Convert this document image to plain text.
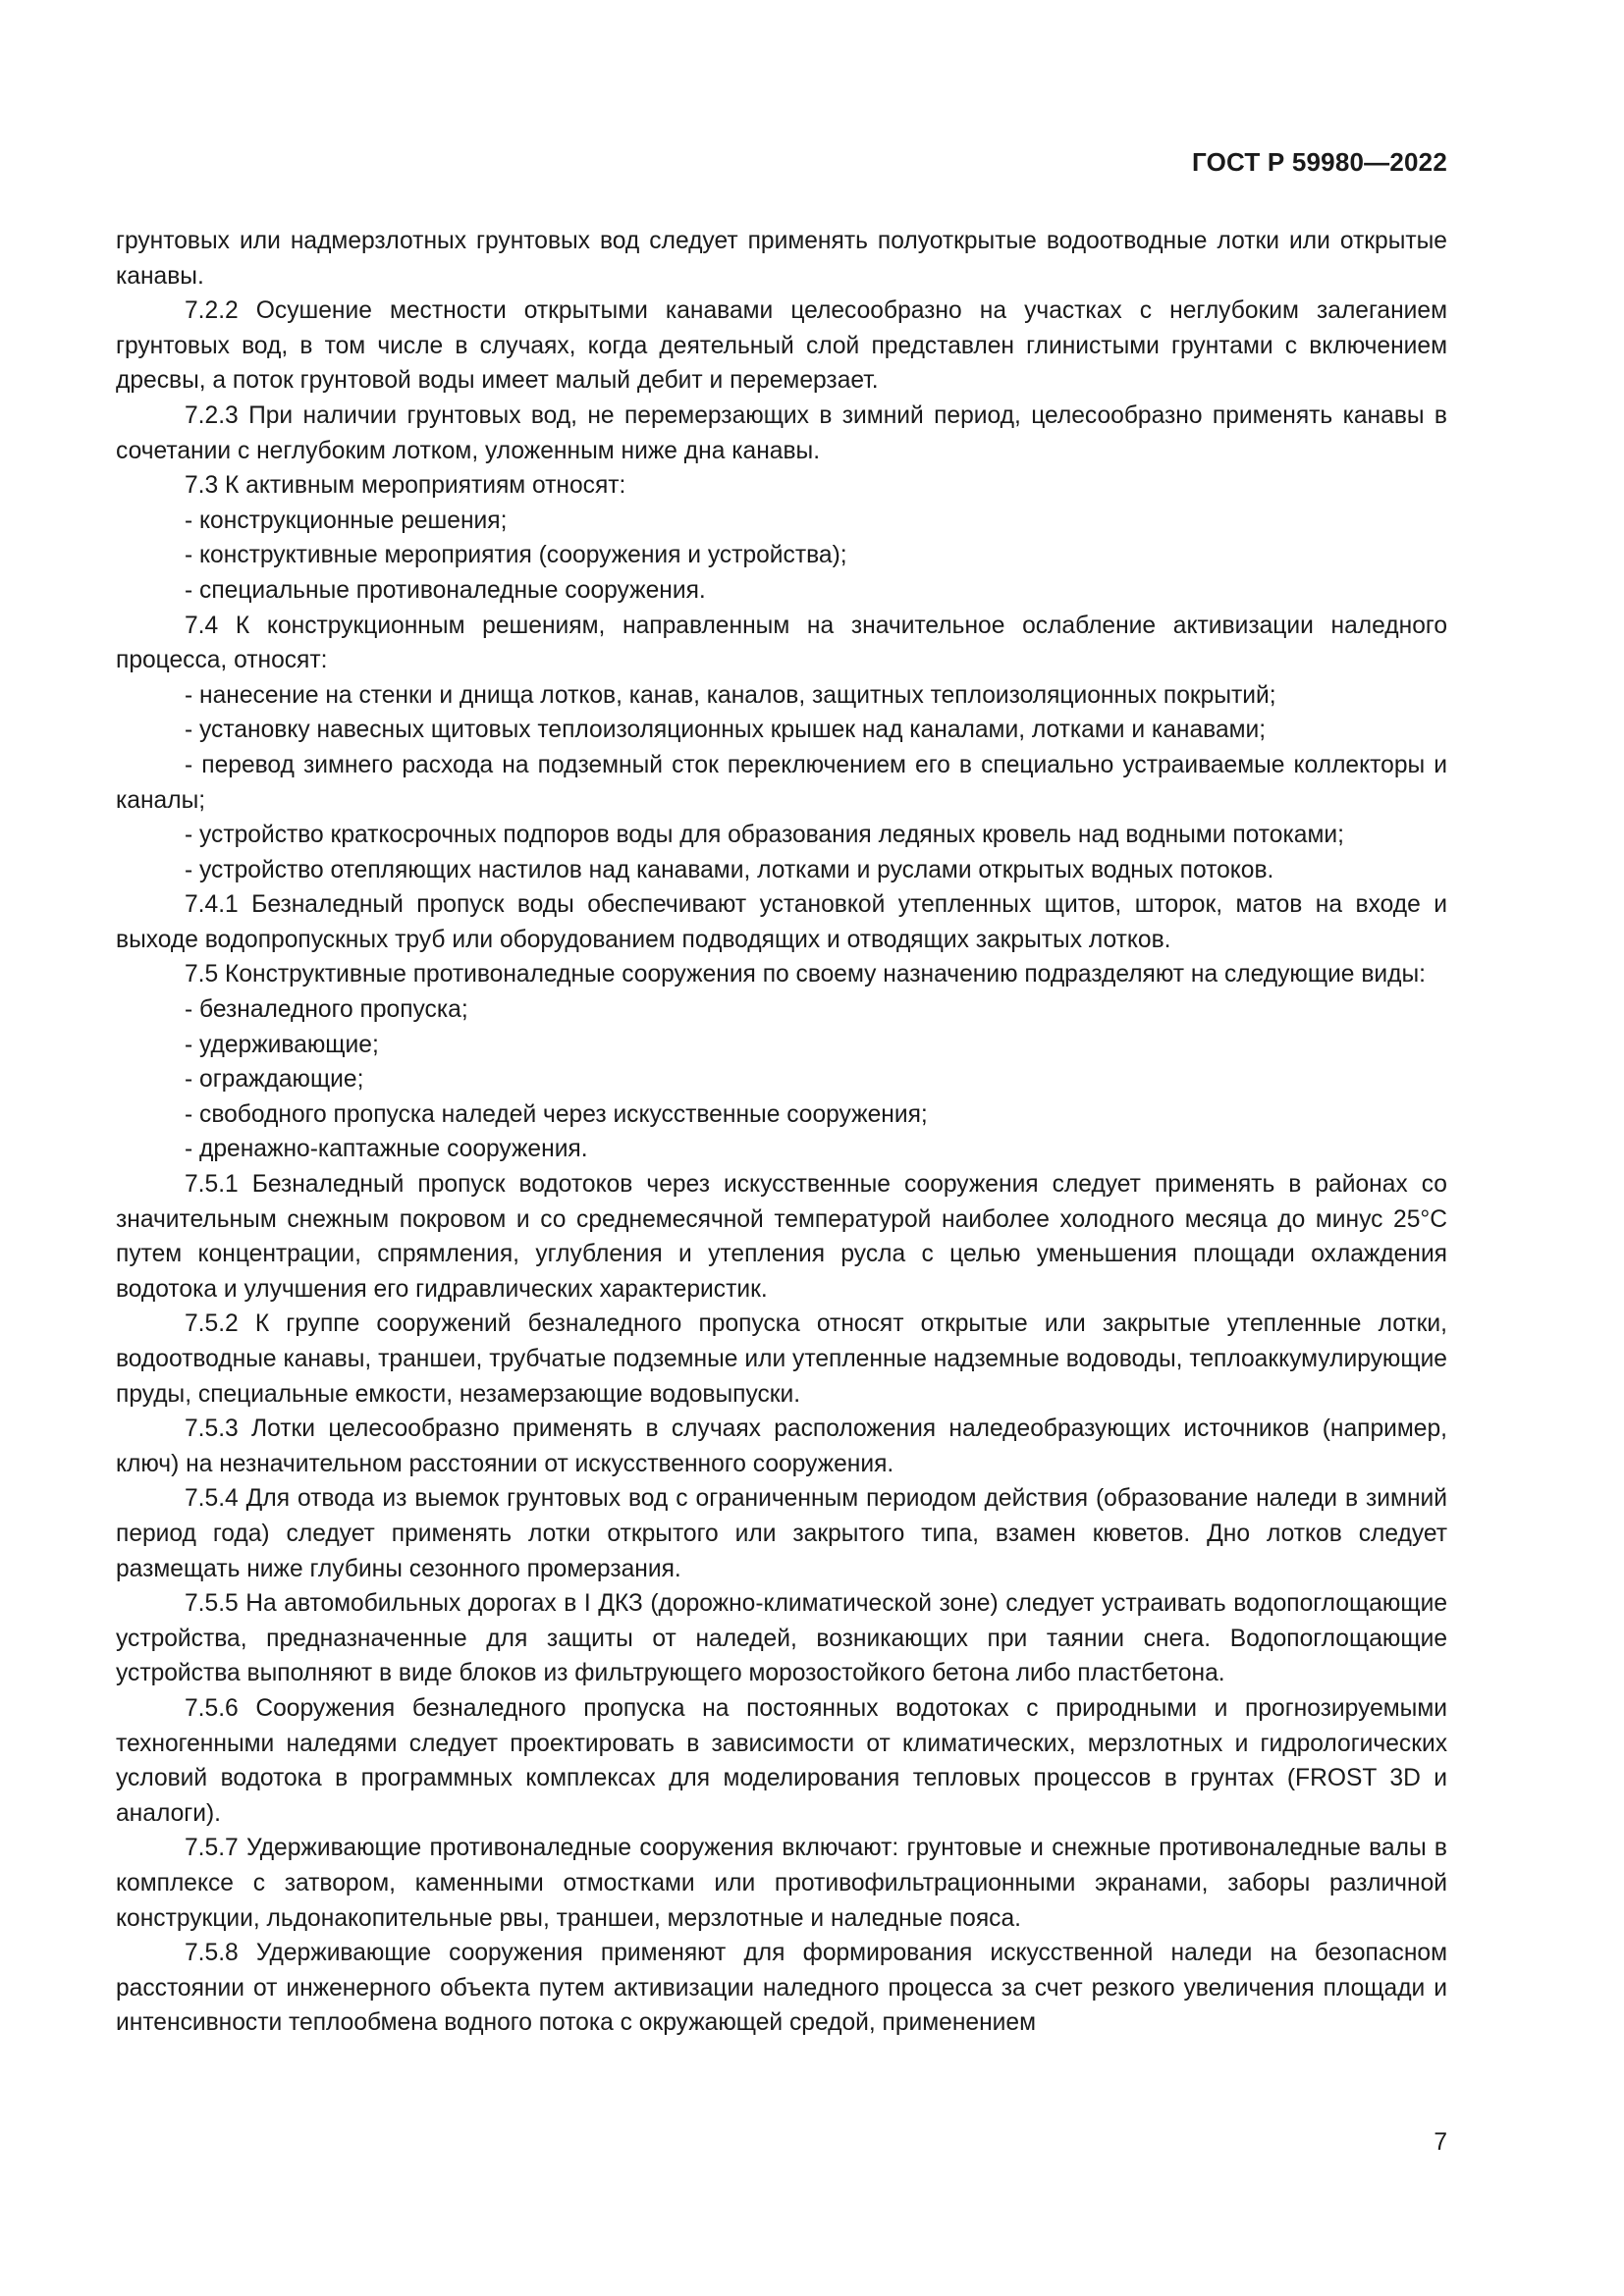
ГОСТ Р 59980—2022

грунтовых или надмерзлотных грунтовых вод следует применять полуоткрытые водоотводные лотки или открытые канавы.

7.2.2 Осушение местности открытыми канавами целесообразно на участках с неглубоким залеганием грунтовых вод, в том числе в случаях, когда деятельный слой представлен глинистыми грунтами с включением дресвы, а поток грунтовой воды имеет малый дебит и перемерзает.

7.2.3 При наличии грунтовых вод, не перемерзающих в зимний период, целесообразно применять канавы в сочетании с неглубоким лотком, уложенным ниже дна канавы.

7.3 К активным мероприятиям относят:

- конструкционные решения;

- конструктивные мероприятия (сооружения и устройства);

- специальные противоналедные сооружения.

7.4 К конструкционным решениям, направленным на значительное ослабление активизации наледного процесса, относят:

- нанесение на стенки и днища лотков, канав, каналов, защитных теплоизоляционных покрытий;

- установку навесных щитовых теплоизоляционных крышек над каналами, лотками и канавами;

- перевод зимнего расхода на подземный сток переключением его в специально устраиваемые коллекторы и каналы;

- устройство краткосрочных подпоров воды для образования ледяных кровель над водными потоками;

- устройство отепляющих настилов над канавами, лотками и руслами открытых водных потоков.

7.4.1 Безналедный пропуск воды обеспечивают установкой утепленных щитов, шторок, матов на входе и выходе водопропускных труб или оборудованием подводящих и отводящих закрытых лотков.

7.5 Конструктивные противоналедные сооружения по своему назначению подразделяют на следующие виды:

- безналедного пропуска;

- удерживающие;

- ограждающие;

- свободного пропуска наледей через искусственные сооружения;

- дренажно-каптажные сооружения.

7.5.1 Безналедный пропуск водотоков через искусственные сооружения следует применять в районах со значительным снежным покровом и со среднемесячной температурой наиболее холодного месяца до минус 25°С путем концентрации, спрямления, углубления и утепления русла с целью уменьшения площади охлаждения водотока и улучшения его гидравлических характеристик.

7.5.2 К группе сооружений безналедного пропуска относят открытые или закрытые утепленные лотки, водоотводные канавы, траншеи, трубчатые подземные или утепленные надземные водоводы, теплоаккумулирующие пруды, специальные емкости, незамерзающие водовыпуски.

7.5.3 Лотки целесообразно применять в случаях расположения наледеобразующих источников (например, ключ) на незначительном расстоянии от искусственного сооружения.

7.5.4 Для отвода из выемок грунтовых вод с ограниченным периодом действия (образование наледи в зимний период года) следует применять лотки открытого или закрытого типа, взамен кюветов. Дно лотков следует размещать ниже глубины сезонного промерзания.

7.5.5 На автомобильных дорогах в I ДКЗ (дорожно-климатической зоне) следует устраивать водопоглощающие устройства, предназначенные для защиты от наледей, возникающих при таянии снега. Водопоглощающие устройства выполняют в виде блоков из фильтрующего морозостойкого бетона либо пластбетона.

7.5.6 Сооружения безналедного пропуска на постоянных водотоках с природными и прогнозируемыми техногенными наледями следует проектировать в зависимости от климатических, мерзлотных и гидрологических условий водотока в программных комплексах для моделирования тепловых процессов в грунтах (FROST 3D и аналоги).

7.5.7 Удерживающие противоналедные сооружения включают: грунтовые и снежные противоналедные валы в комплексе с затвором, каменными отмостками или противофильтрационными экранами, заборы различной конструкции, льдонакопительные рвы, траншеи, мерзлотные и наледные пояса.

7.5.8 Удерживающие сооружения применяют для формирования искусственной наледи на безопасном расстоянии от инженерного объекта путем активизации наледного процесса за счет резкого увеличения площади и интенсивности теплообмена водного потока с окружающей средой, применением

7
